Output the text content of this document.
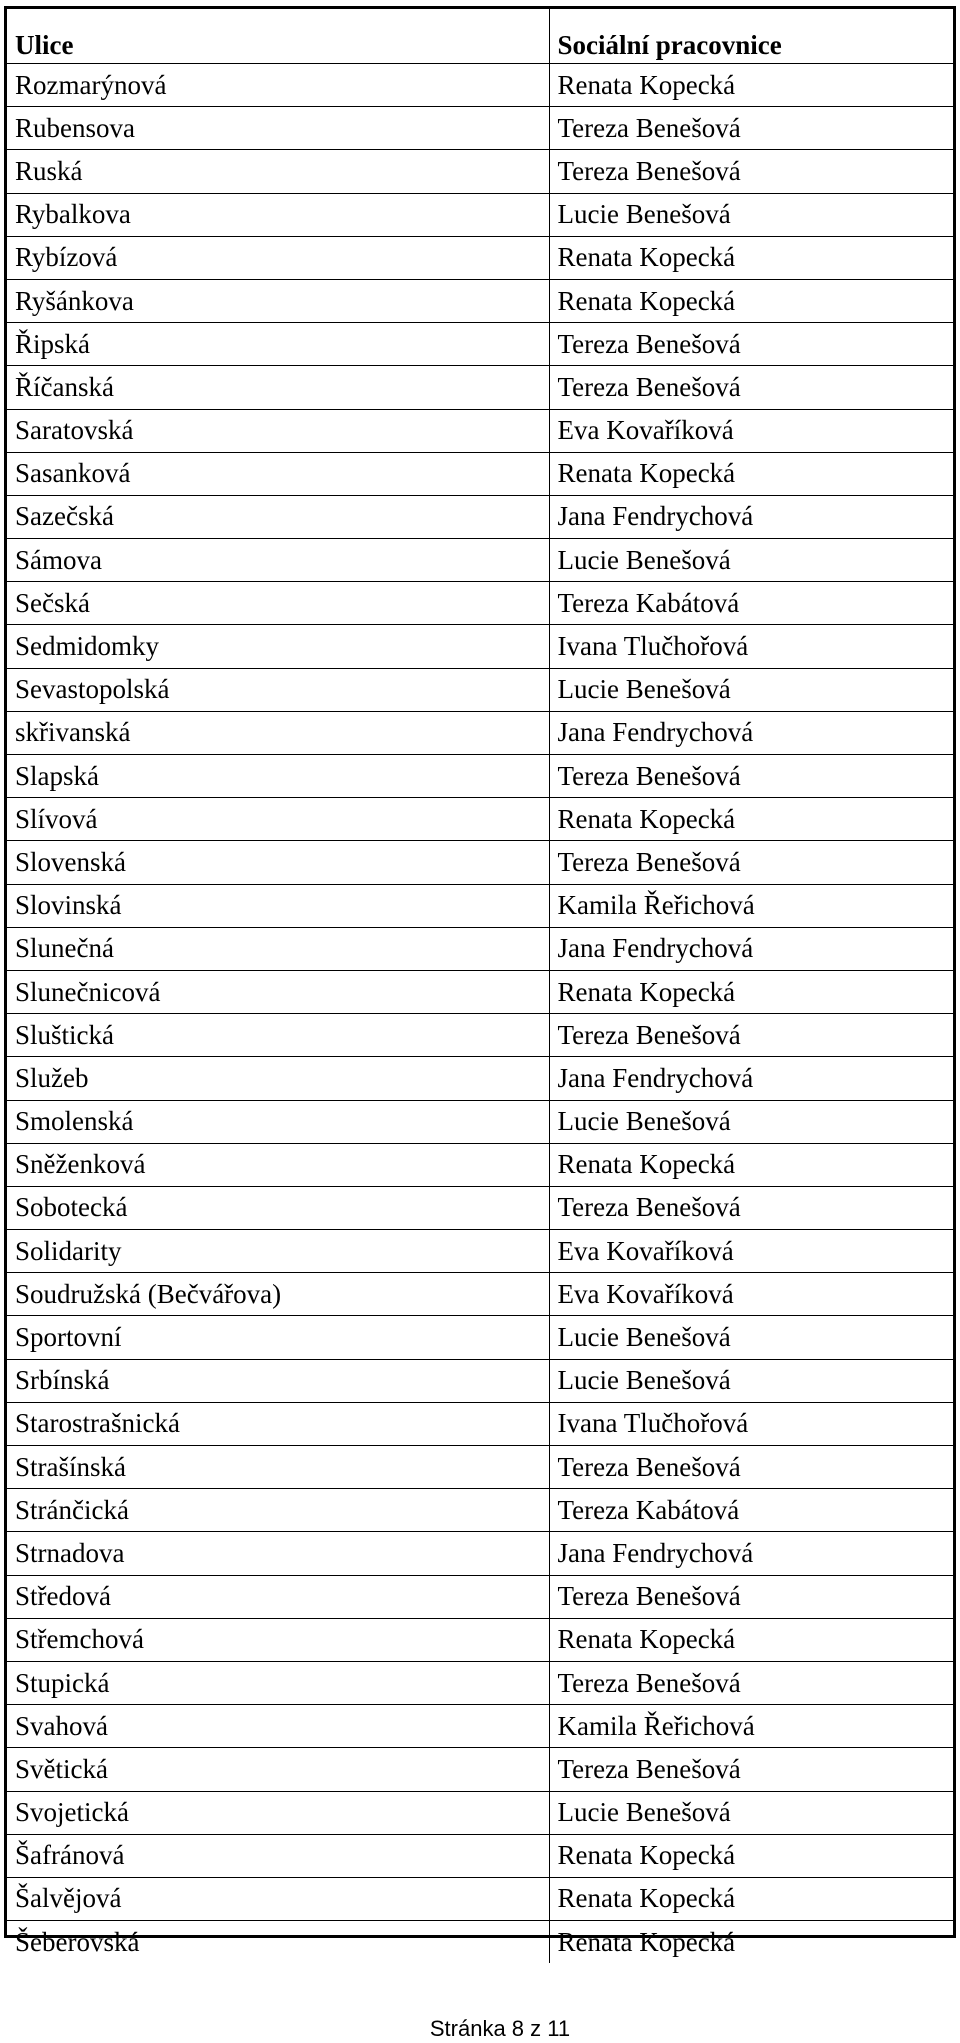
Ulice	Sociální pracovnice
Rozmarýnová	Renata Kopecká
Rubensova	Tereza Benešová
Ruská	Tereza Benešová
Rybalkova	Lucie Benešová
Rybízová	Renata Kopecká
Ryšánkova	Renata Kopecká
Řipská	Tereza Benešová
Říčanská	Tereza Benešová
Saratovská	Eva Kovaříková
Sasanková	Renata Kopecká
Sazečská	Jana Fendrychová
Sámova	Lucie Benešová
Sečská	Tereza Kabátová
Sedmidomky	Ivana Tlučhořová
Sevastopolská	Lucie Benešová
skřivanská	Jana Fendrychová
Slapská	Tereza Benešová
Slívová	Renata Kopecká
Slovenská	Tereza Benešová
Slovinská	Kamila Řeřichová
Slunečná	Jana Fendrychová
Slunečnicová	Renata Kopecká
Sluštická	Tereza Benešová
Služeb	Jana Fendrychová
Smolenská	Lucie Benešová
Sněženková	Renata Kopecká
Sobotecká	Tereza Benešová
Solidarity	Eva Kovaříková
Soudružská (Bečvářova)	Eva Kovaříková
Sportovní	Lucie Benešová
Srbínská	Lucie Benešová
Starostrašnická	Ivana Tlučhořová
Strašínská	Tereza Benešová
Stránčická	Tereza Kabátová
Strnadova	Jana Fendrychová
Středová	Tereza Benešová
Střemchová	Renata Kopecká
Stupická	Tereza Benešová
Svahová	Kamila Řeřichová
Světická	Tereza Benešová
Svojetická	Lucie Benešová
Šafránová	Renata Kopecká
Šalvějová	Renata Kopecká
Šeberovská	Renata Kopecká
Stránka 8 z 11
